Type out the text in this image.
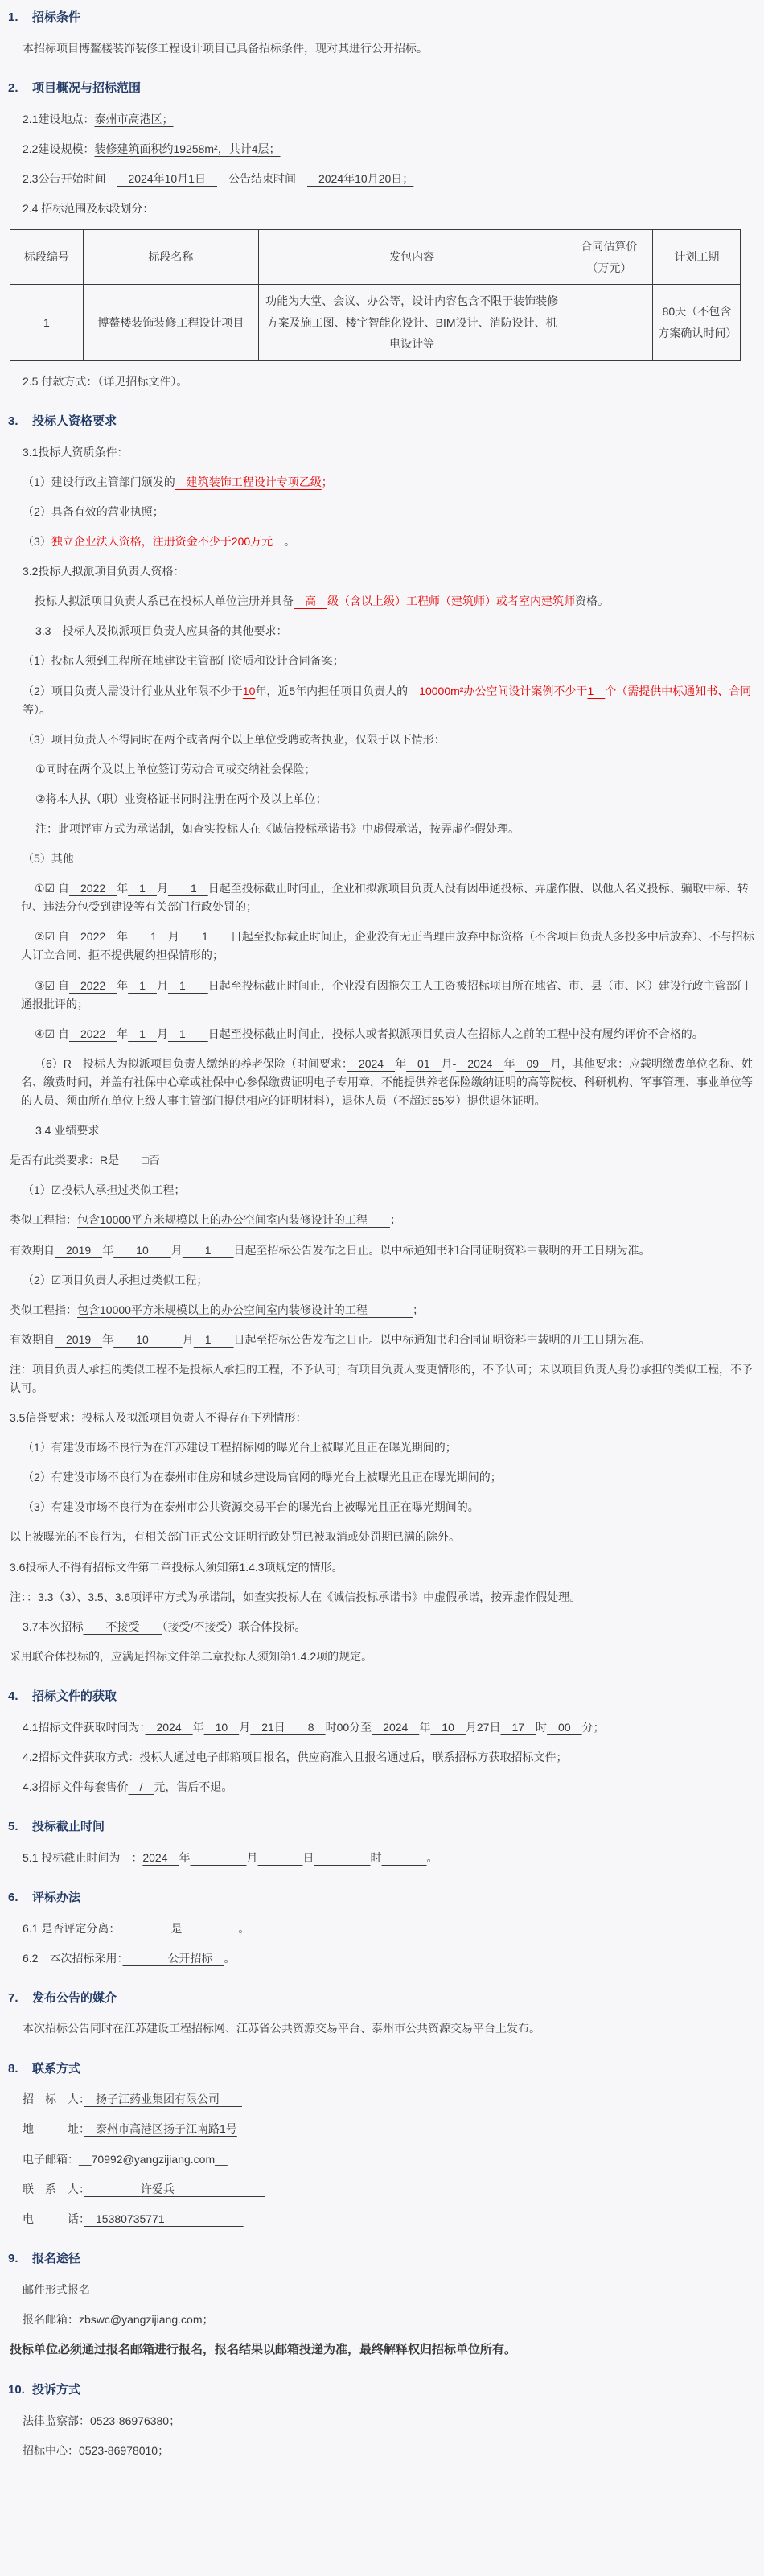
1.	招标条件

本招标项目博鳌楼装饰装修工程设计项目已具备招标条件，现对其进行公开招标。

2.	项目概况与招标范围

2.1建设地点：泰州市高港区；

2.2建设规模：装修建筑面积约19258m²，共计4层；

2.3公告开始时间　　2024年10月1日　　公告结束时间　　2024年10月20日；

2.4 招标范围及标段划分：

标段编号	标段名称	发包内容	合同估算价（万元）	计划工期
1	博鳌楼装饰装修工程设计项目	功能为大堂、会议、办公等，设计内容包含不限于装饰装修方案及施工图、楼宇智能化设计、BIM设计、消防设计、机电设计等		80天（不包含方案确认时间）

2.5 付款方式：（详见招标文件）。

3.	投标人资格要求

3.1投标人资质条件：

（1）建设行政主管部门颁发的　建筑装饰工程设计专项乙级；

（2）具备有效的营业执照；

（3）独立企业法人资格，注册资金不少于200万元　。

3.2投标人拟派项目负责人资格：

投标人拟派项目负责人系已在投标人单位注册并具备　高　级（含以上级）工程师（建筑师）或者室内建筑师资格。

3.3　投标人及拟派项目负责人应具备的其他要求：

（1）投标人须到工程所在地建设主管部门资质和设计合同备案；

（2）项目负责人需设计行业从业年限不少于10年，近5年内担任项目负责人的　10000m²办公空间设计案例不少于1　个（需提供中标通知书、合同等）。

（3）项目负责人不得同时在两个或者两个以上单位受聘或者执业，仅限于以下情形：

①同时在两个及以上单位签订劳动合同或交纳社会保险；

②将本人执（职）业资格证书同时注册在两个及以上单位；

注：此项评审方式为承诺制，如查实投标人在《诚信投标承诺书》中虚假承诺，按弄虚作假处理。

（5）其他

①☑ 自　2022　年　1　月　　1　日起至投标截止时间止，企业和拟派项目负责人没有因串通投标、弄虚作假、以他人名义投标、骗取中标、转包、违法分包受到建设等有关部门行政处罚的；

②☑ 自　2022　年　　1　月　　1　　日起至投标截止时间止，企业没有无正当理由放弃中标资格（不含项目负责人多投多中后放弃）、不与招标人订立合同、拒不提供履约担保情形的；

③☑ 自　2022　年　1　月　1　　日起至投标截止时间止，企业没有因拖欠工人工资被招标项目所在地省、市、县（市、区）建设行政主管部门通报批评的；

④☑ 自　2022　年　1　月　1　　日起至投标截止时间止，投标人或者拟派项目负责人在招标人之前的工程中没有履约评价不合格的。

（6）R　投标人为拟派项目负责人缴纳的养老保险（时间要求：　2024　年　01　月-　2024　年　09　月，其他要求：应载明缴费单位名称、姓名、缴费时间，并盖有社保中心章或社保中心参保缴费证明电子专用章，不能提供养老保险缴纳证明的高等院校、科研机构、军事管理、事业单位等的人员、须由所在单位上级人事主管部门提供相应的证明材料），退休人员（不超过65岁）提供退休证明。

3.4 业绩要求

是否有此类要求：R是　　□否

（1）☑投标人承担过类似工程；

类似工程指：包含10000平方米规模以上的办公空间室内装修设计的工程　　；

有效期自　2019　年　　10　　月　　1　　日起至招标公告发布之日止。以中标通知书和合同证明资料中载明的开工日期为准。

（2）☑项目负责人承担过类似工程；

类似工程指：包含10000平方米规模以上的办公空间室内装修设计的工程　　　　；

有效期自　2019　年　　10　　　月　1　　日起至招标公告发布之日止。以中标通知书和合同证明资料中载明的开工日期为准。

注：项目负责人承担的类似工程不是投标人承担的工程，不予认可；有项目负责人变更情形的，不予认可；未以项目负责人身份承担的类似工程，不予认可。

3.5信誉要求：投标人及拟派项目负责人不得存在下列情形：

（1）有建设市场不良行为在江苏建设工程招标网的曝光台上被曝光且正在曝光期间的；

（2）有建设市场不良行为在泰州市住房和城乡建设局官网的曝光台上被曝光且正在曝光期间的；

（3）有建设市场不良行为在泰州市公共资源交易平台的曝光台上被曝光且正在曝光期间的。

以上被曝光的不良行为，有相关部门正式公文证明行政处罚已被取消或处罚期已满的除外。

3.6投标人不得有招标文件第二章投标人须知第1.4.3项规定的情形。

注：：3.3（3）、3.5、3.6项评审方式为承诺制，如查实投标人在《诚信投标承诺书》中虚假承诺，按弄虚作假处理。

3.7本次招标　　不接受　　（接受/不接受）联合体投标。

采用联合体投标的，应满足招标文件第二章投标人须知第1.4.2项的规定。

4.	招标文件的获取

4.1招标文件获取时间为：　2024　年　10　月　21日　　8　时00分至　2024　年　10　月27日　17　时　00　分；

4.2招标文件获取方式：投标人通过电子邮箱项目报名，供应商准入且报名通过后，联系招标方获取招标文件；

4.3招标文件每套售价　/　元，售后不退。

5.	投标截止时间

5.1 投标截止时间为　：2024　年　　　　　	月　　　　	日　　　　　	时　　　　	。

6.	评标办法

6.1 是否评定分离：　　　　　是　　　　　。

6.2　本次招标采用：　　　　公开招标　。

7.	发布公告的媒介

本次招标公告同时在江苏建设工程招标网、江苏省公共资源交易平台、泰州市公共资源交易平台上发布。

8.	联系方式

招　标　人：　扬子江药业集团有限公司　　

地　　　址：　泰州市高港区扬子江南路1号

电子邮箱：__70992@yangzijiang.com__

联　系　人：　　　　　许爱兵　　　　　　　　

电　　　话：　15380735771　　　　　　　

9.	报名途径

邮件形式报名

报名邮箱：zbswc@yangzijiang.com；

投标单位必须通过报名邮箱进行报名，报名结果以邮箱投递为准，最终解释权归招标单位所有。

10. 投诉方式

法律监察部：0523-86976380；

招标中心：0523-86978010；
